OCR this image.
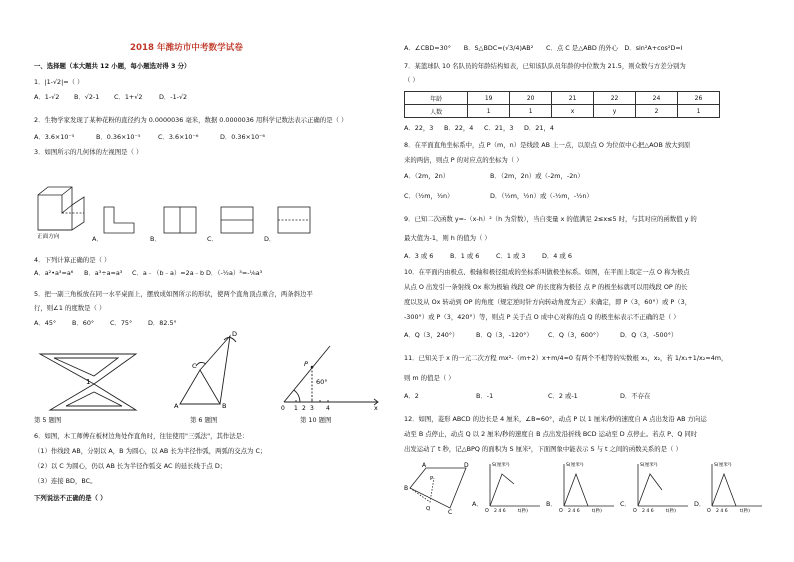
2018 年潍坊市中考数学试卷
一、选择题（本大题共 12 小题，每小题选对得 3 分）
1．|1-√2|=（ ）
A．1-√2 B．√2-1 C．1+√2	D．-1-√2
2．生物学家发现了某种花粉的直径约为 0.0000036 毫米，数据 0.0000036 用科学记数法表示正确的是（ ）
A．3.6×10⁻⁵	B．0.36×10⁻⁵	C．3.6×10⁻⁶	D．0.36×10⁻⁶
3．如图所示的几何体的左视图是（ ）
正面方向	A．	B．	C．	D．
4．下列计算正确的是（ ）
A．a²•a³=a⁶ B．a³÷a=a³ C．a﹣（b﹣a）=2a﹣b D．（-½a）³=-⅙a³
5．把一副三角板放在同一水平桌面上，摆放成如图所示的形状，使两个直角顶点重合，两条斜边平
行，则∠1 的度数是（ ）
A．45° B．60° C．75° D．82.5°
1
第 5 题图
A	B
C
D
第 6 题图
P
60°
x
0 1 2 3 4
第 10 题图
6．如图，木工师傅在板材边角处作直角时，往往使用"三弧法"，其作法是：
（1）作线段 AB，分别以 A，B 为圆心，以 AB 长为半径作弧，两弧的交点为 C；
（2）以 C 为圆心，仍以 AB 长为半径作弧交 AC 的延长线于点 D；
（3）连接 BD，BC。
下列说法不正确的是（ ）
A．∠CBD=30°　　B．S△BDC=(√3/4)AB²　　C．点 C 是△ABD 的外心　D．sin²A+cos²D=l
7．某篮球队 10 名队员的年龄结构如表，已知该队队员年龄的中位数为 21.5，则众数与方差分别为
（ ）
年龄	19	20	21	22	24	26
人数	1	1	x	y	2	1
A．22，3 B．22，4 C．21，3 D．21，4
8．在平面直角坐标系中，点 P（m，n）是线段 AB 上一点，以原点 O 为位似中心把△AOB 放大到原
来的两倍，则点 P 的对应点的坐标为（ ）
A．（2m，2n）	B．（2m，2n）或（-2m，-2n）
C．（½m，½n）	D．（½m，½n）或（-½m，-½n）
9．已知二次函数 y=-（x-h）²（h 为常数），当自变量 x 的值满足 2≤x≤5 时，与其对应的函数值 y 的
最大值为-1，则 h 的值为（ ）
A．3 或 6	B．1 或 6	C．1 或 3	D．4 或 6
10．在平面内由极点、极轴和极径组成的坐标系叫做极坐标系。如图，在平面上取定一点 O 称为极点
从点 O 出发引一条射线 Ox 称为极轴 线段 OP 的长度称为极径 点 P 的极坐标就可以用线段 OP 的长
度以及从 Ox 转动到 OP 的角度（规定逆时针方向转动角度为正）来确定，即 P（3，60°）或 P（3，
-300°）或 P（3，420°）等，则点 P 关于点 O 成中心对称的点 Q 的极坐标表示不正确的是（ ）
A．Q（3，240°）	B．Q（3，-120°） C．Q（3，600°）	D．Q（3，-500°）
11．已知关于 x 的一元二次方程 mx²-（m+2）x+m/4=0 有两个不相等的实数根 x₁，x₂，若 1/x₁+1/x₂=4m，
则 m 的值是（ ）
A．2	B．-1	C．2 或-1	D．不存在
12．如图，菱形 ABCD 的边长是 4 厘米，∠B=60°，动点 P 以 1 厘米/秒的速度自 A 点出发沿 AB 方向运
动至 B 点停止，动点 Q 以 2 厘米/秒的速度自 B 点出发沿折线 BCD 运动至 D 点停止。若点 P、Q 同时
出发运动了 t 秒，记△BPQ 的面积为 S 厘米²，下面图象中能表示 S 与 t 之间的函数关系的是（ ）
B
A	D
C
P
Q
A．
S(厘米²)
O 2 4 6	t(秒)
B．
S(厘米²)
O 2 4 6	t(秒)
C．
S(厘米²)
O 2 4 6	t(秒)
D．
S(厘米²)
O 2 4 6	t(秒)
